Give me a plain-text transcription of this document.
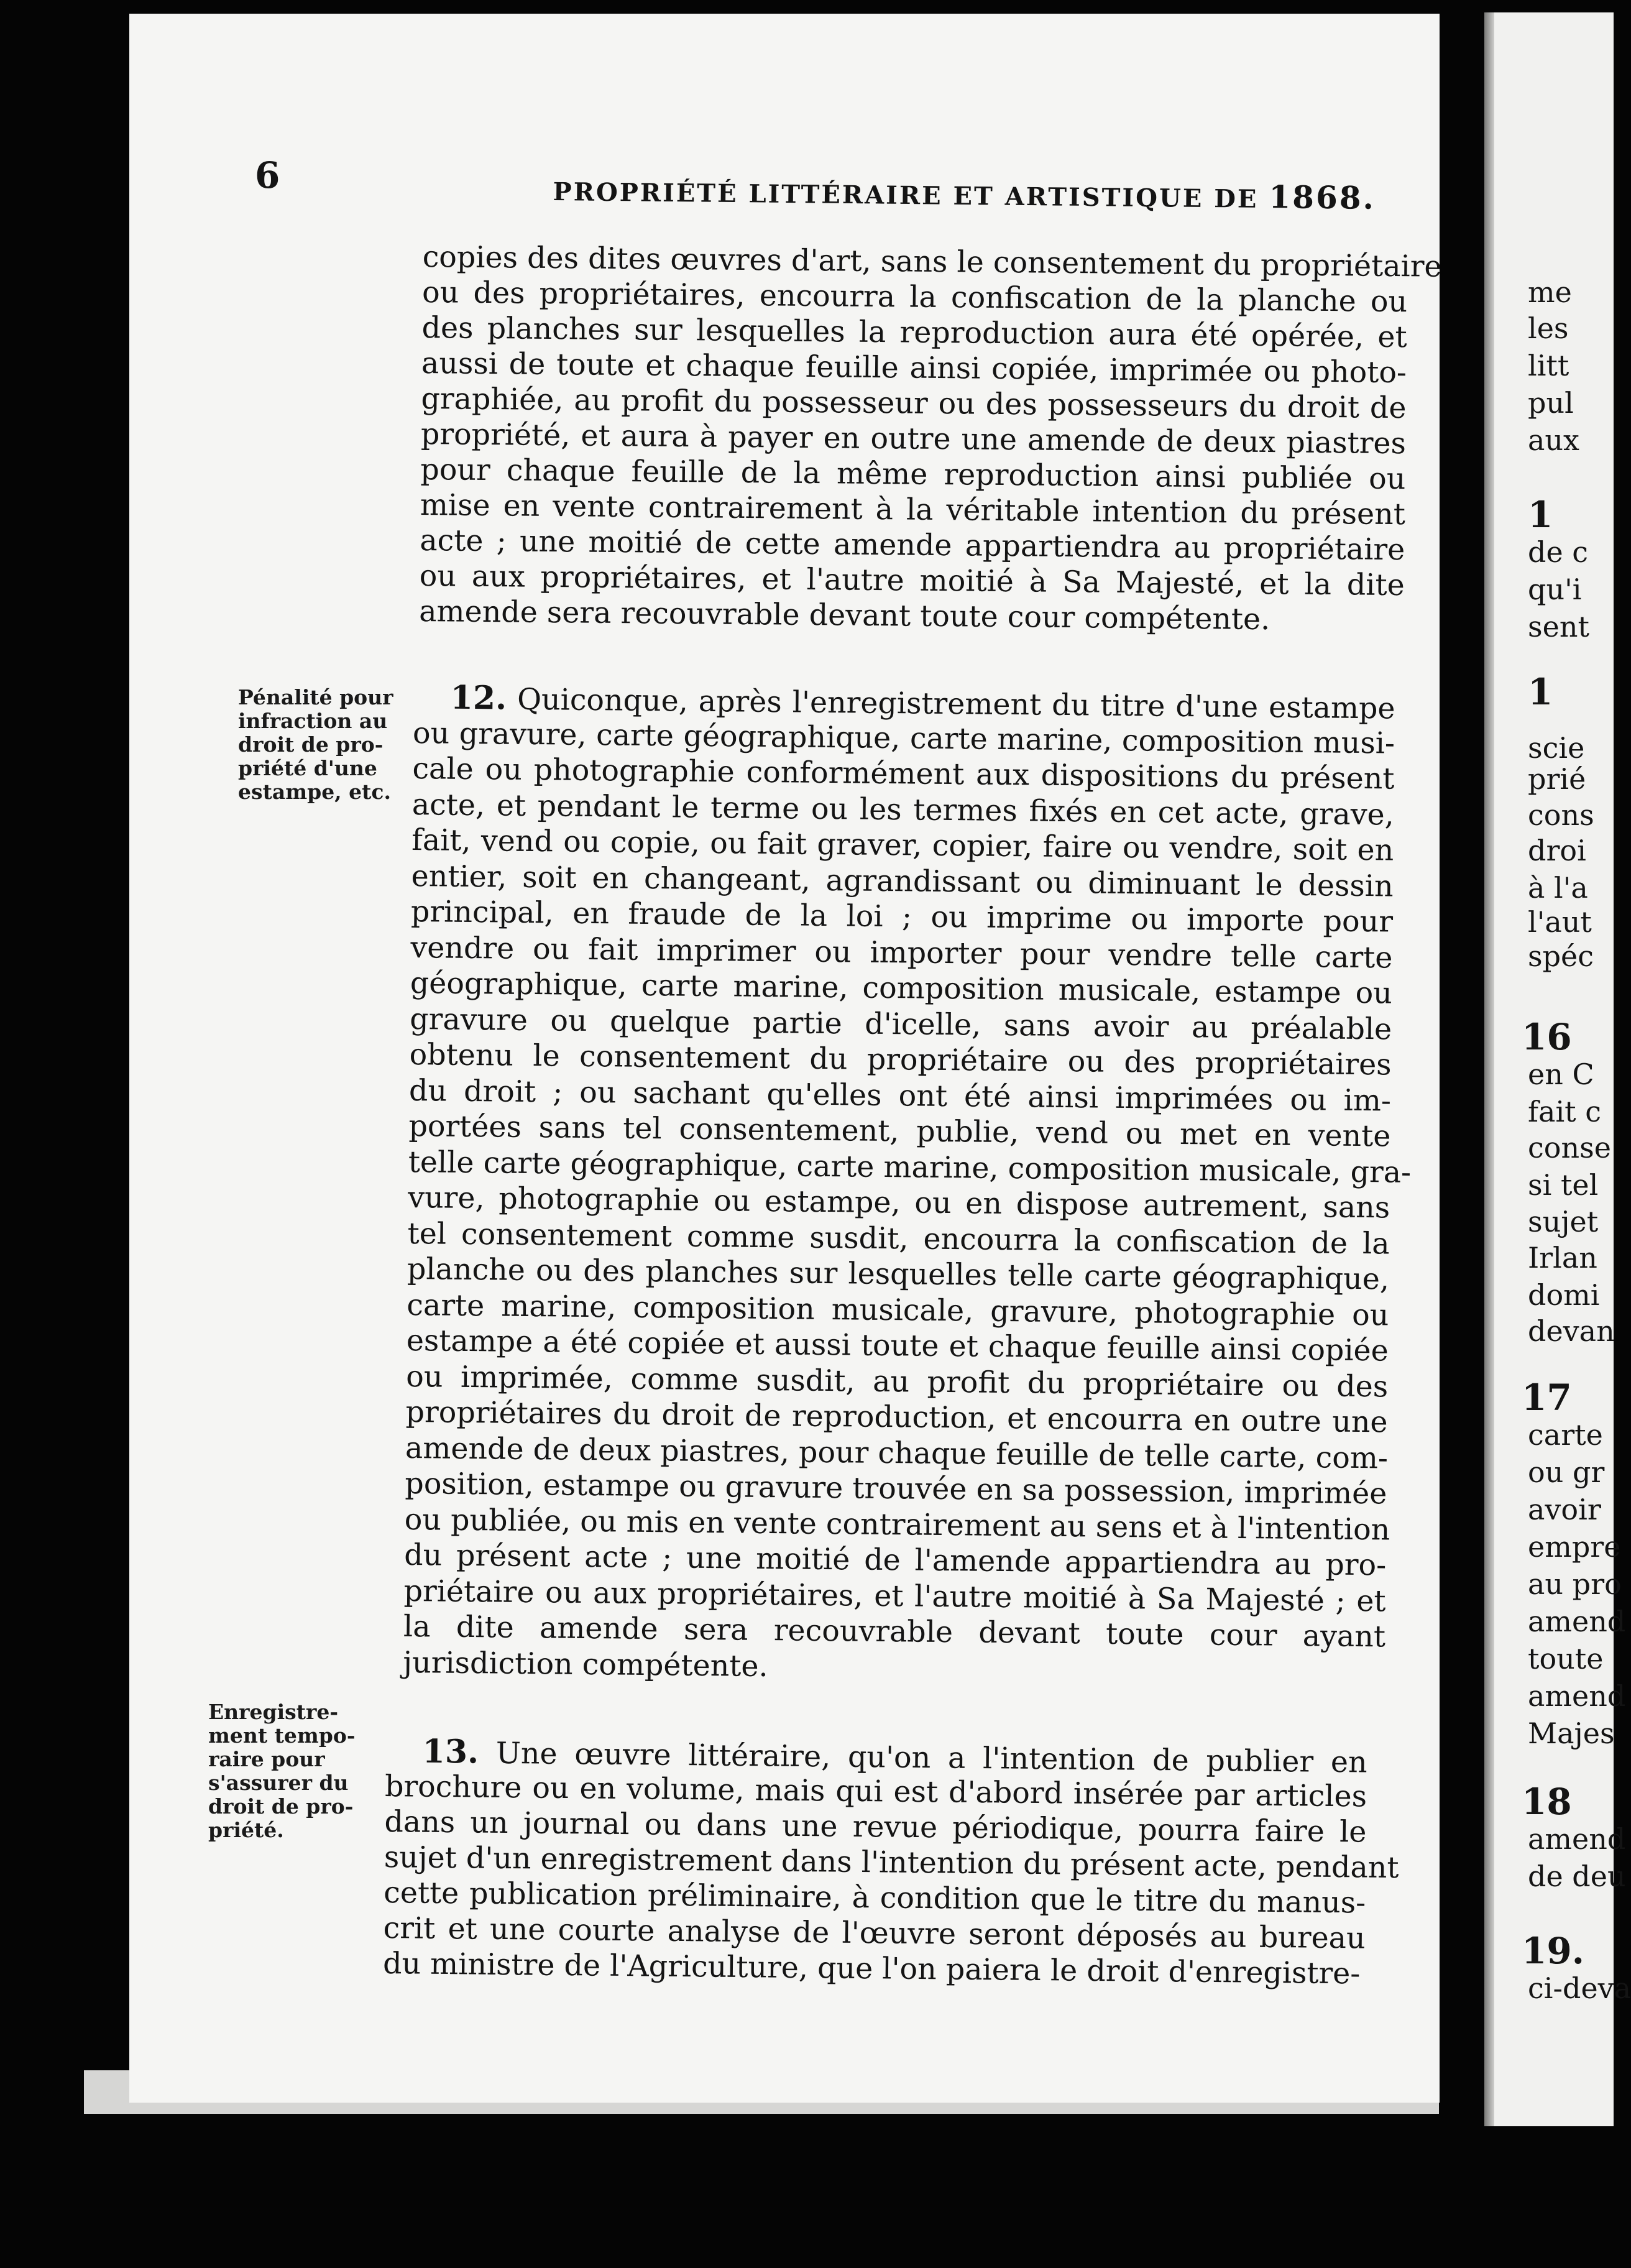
me
les
litt
pul
aux
1
de c
qu'i
sent
1
scie
prié
cons
droi
à l'a
l'aut
spéc
16
en C
fait c
conse
si tel
sujet
Irlan
domi
devan
17
carte
ou gr
avoir
empre
au pro
amend
toute
amend
Majes
18
amend
de deu
19.
ci-deva
6	PROPRIÉTÉ LITTÉRAIRE ET ARTISTIQUE DE 1868.
copies des dites œuvres d'art, sans le consentement du propriétaire
ou des propriétaires, encourra la confiscation de la planche ou
des planches sur lesquelles la reproduction aura été opérée, et
aussi de toute et chaque feuille ainsi copiée, imprimée ou photo-
graphiée, au profit du possesseur ou des possesseurs du droit de
propriété, et aura à payer en outre une amende de deux piastres
pour chaque feuille de la même reproduction ainsi publiée ou
mise en vente contrairement à la véritable intention du présent
acte ; une moitié de cette amende appartiendra au propriétaire
ou aux propriétaires, et l'autre moitié à Sa Majesté, et la dite
amende sera recouvrable devant toute cour compétente.
Pénalité pour
infraction au
droit de pro-
priété d'une
estampe, etc.
12. Quiconque, après l'enregistrement du titre d'une estampe
ou gravure, carte géographique, carte marine, composition musi-
cale ou photographie conformément aux dispositions du présent
acte, et pendant le terme ou les termes fixés en cet acte, grave,
fait, vend ou copie, ou fait graver, copier, faire ou vendre, soit en
entier, soit en changeant, agrandissant ou diminuant le dessin
principal, en fraude de la loi ; ou imprime ou importe pour
vendre ou fait imprimer ou importer pour vendre telle carte
géographique, carte marine, composition musicale, estampe ou
gravure ou quelque partie d'icelle, sans avoir au préalable
obtenu le consentement du propriétaire ou des propriétaires
du droit ; ou sachant qu'elles ont été ainsi imprimées ou im-
portées sans tel consentement, publie, vend ou met en vente
telle carte géographique, carte marine, composition musicale, gra-
vure, photographie ou estampe, ou en dispose autrement, sans
tel consentement comme susdit, encourra la confiscation de la
planche ou des planches sur lesquelles telle carte géographique,
carte marine, composition musicale, gravure, photographie ou
estampe a été copiée et aussi toute et chaque feuille ainsi copiée
ou imprimée, comme susdit, au profit du propriétaire ou des
propriétaires du droit de reproduction, et encourra en outre une
amende de deux piastres, pour chaque feuille de telle carte, com-
position, estampe ou gravure trouvée en sa possession, imprimée
ou publiée, ou mis en vente contrairement au sens et à l'intention
du présent acte ; une moitié de l'amende appartiendra au pro-
priétaire ou aux propriétaires, et l'autre moitié à Sa Majesté ; et
la dite amende sera recouvrable devant toute cour ayant
jurisdiction compétente.
Enregistre-
ment tempo-
raire pour
s'assurer du
droit de pro-
priété.
13. Une œuvre littéraire, qu'on a l'intention de publier en
brochure ou en volume, mais qui est d'abord insérée par articles
dans un journal ou dans une revue périodique, pourra faire le
sujet d'un enregistrement dans l'intention du présent acte, pendant
cette publication préliminaire, à condition que le titre du manus-
crit et une courte analyse de l'œuvre seront déposés au bureau
du ministre de l'Agriculture, que l'on paiera le droit d'enregistre-
